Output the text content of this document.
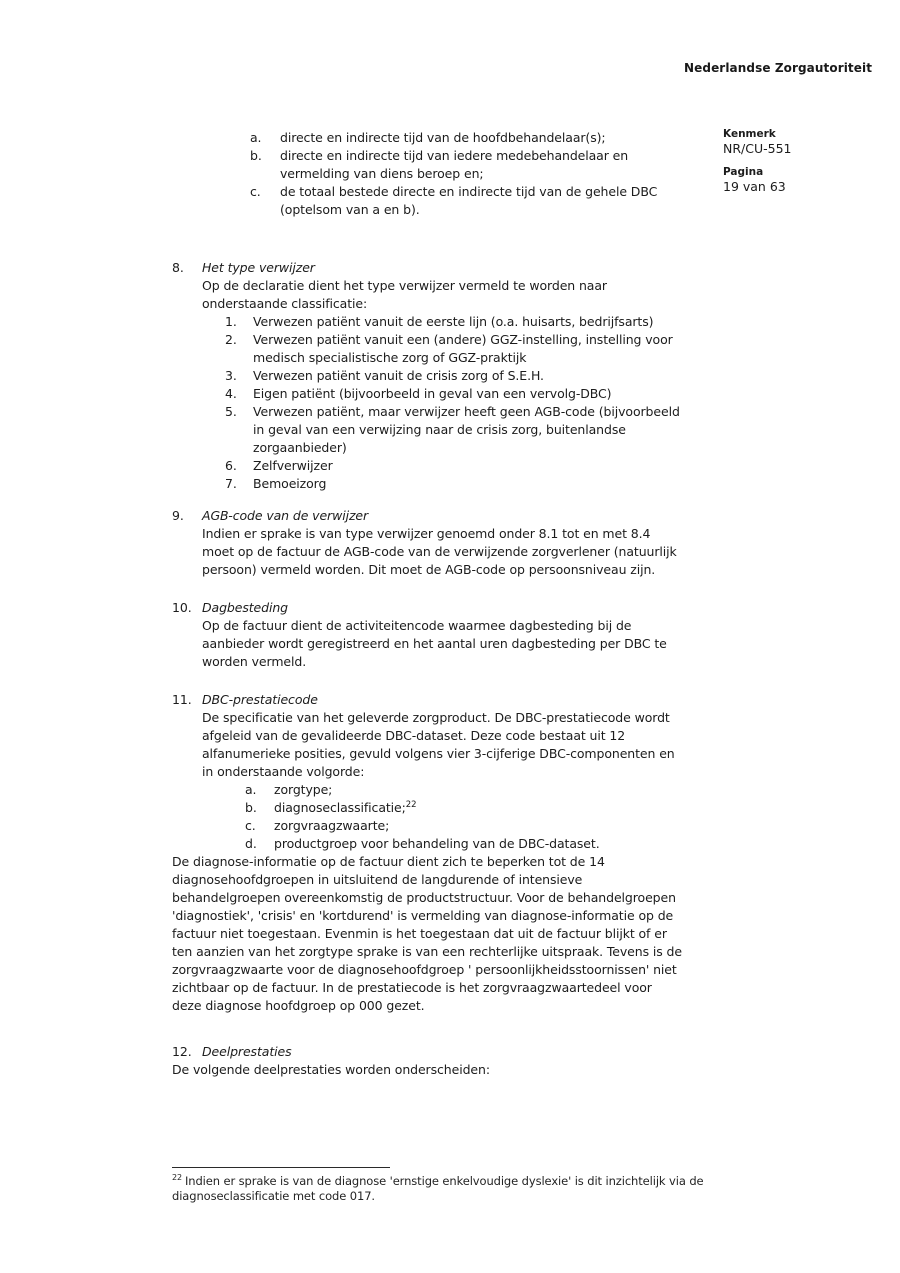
Nederlandse Zorgautoriteit
Kenmerk
NR/CU-551
Pagina
19 van 63
a.	directe en indirecte tijd van de hoofdbehandelaar(s);
b.	directe en indirecte tijd van iedere medebehandelaar en vermelding van diens beroep en;
c.	de totaal bestede directe en indirecte tijd van de gehele DBC (optelsom van a en b).
8.	Het type verwijzer
Op de declaratie dient het type verwijzer vermeld te worden naar onderstaande classificatie:
1.	Verwezen patiënt vanuit de eerste lijn (o.a. huisarts, bedrijfsarts)
2.	Verwezen patiënt vanuit een (andere) GGZ-instelling, instelling voor medisch specialistische zorg of GGZ-praktijk
3.	Verwezen patiënt vanuit de crisis zorg of S.E.H.
4.	Eigen patiënt (bijvoorbeeld in geval van een vervolg-DBC)
5.	Verwezen patiënt, maar verwijzer heeft geen AGB-code (bijvoorbeeld in geval van een verwijzing naar de crisis zorg, buitenlandse zorgaanbieder)
6.	Zelfverwijzer
7.	Bemoeizorg
9.	AGB-code van de verwijzer
Indien er sprake is van type verwijzer genoemd onder 8.1 tot en met 8.4 moet op de factuur de AGB-code van de verwijzende zorgverlener (natuurlijk persoon) vermeld worden. Dit moet de AGB-code op persoonsniveau zijn.
10. Dagbesteding
Op de factuur dient de activiteitencode waarmee dagbesteding bij de aanbieder wordt geregistreerd en het aantal uren dagbesteding per DBC te worden vermeld.
11. DBC-prestatiecode
De specificatie van het geleverde zorgproduct. De DBC-prestatiecode wordt afgeleid van de gevalideerde DBC-dataset. Deze code bestaat uit 12 alfanumerieke posities, gevuld volgens vier 3-cijferige DBC-componenten en in onderstaande volgorde:
a.	zorgtype;
b.	diagnoseclassificatie;$^{22}$
c.	zorgvraagzwaarte;
d.	productgroep voor behandeling van de DBC-dataset.
De diagnose-informatie op de factuur dient zich te beperken tot de 14 diagnosehoofdgroepen in uitsluitend de langdurende of intensieve behandelgroepen overeenkomstig de productstructuur. Voor de behandelgroepen 'diagnostiek', 'crisis' en 'kortdurend' is vermelding van diagnose-informatie op de factuur niet toegestaan. Evenmin is het toegestaan dat uit de factuur blijkt of er ten aanzien van het zorgtype sprake is van een rechterlijke uitspraak. Tevens is de zorgvraagzwaarte voor de diagnosehoofdgroep ' persoonlijkheidsstoornissen' niet zichtbaar op de factuur. In de prestatiecode is het zorgvraagzwaartedeel voor deze diagnose hoofdgroep op 000 gezet.
12. Deelprestaties
De volgende deelprestaties worden onderscheiden:
$^{22}$ Indien er sprake is van de diagnose 'ernstige enkelvoudige dyslexie' is dit inzichtelijk via de diagnoseclassificatie met code 017.
